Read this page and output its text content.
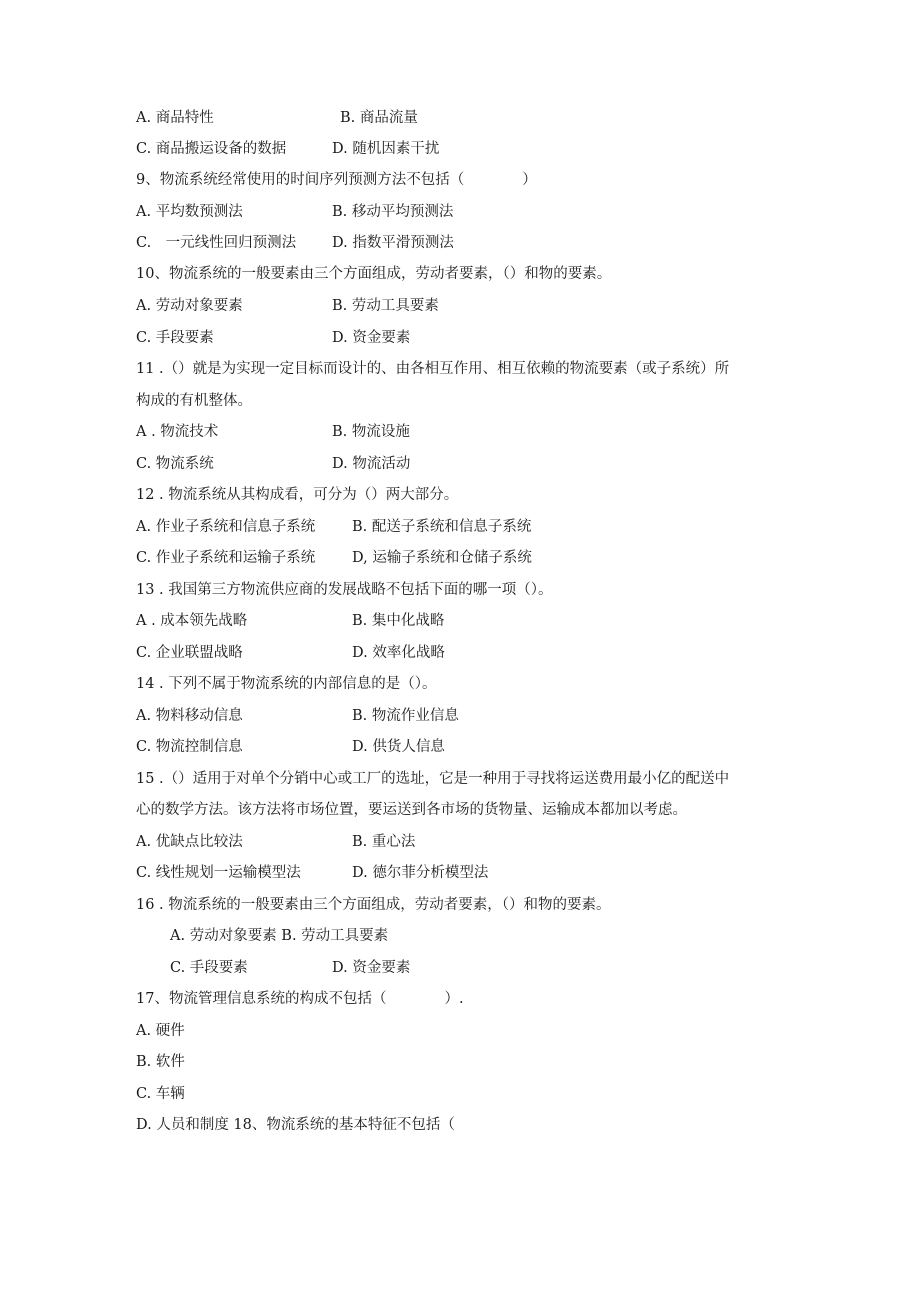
A. 商品特性	B. 商品流量
C. 商品搬运设备的数据	D. 随机因素干扰
9、物流系统经常使用的时间序列预测方法不包括（　　　　）
A. 平均数预测法	B. 移动平均预测法
C.　一元线性回归预测法 D. 指数平滑预测法
10、物流系统的一般要素由三个方面组成，劳动者要素，（）和物的要素。
A. 劳动对象要素	B. 劳动工具要素
C. 手段要素	D. 资金要素
11 .（）就是为实现一定目标而设计的、由各相互作用、相互依赖的物流要素（或子系统）所
构成的有机整体。
A . 物流技术	B. 物流设施
C. 物流系统	D. 物流活动
12 . 物流系统从其构成看，可分为（）两大部分。
A. 作业子系统和信息子系统	B. 配送子系统和信息子系统
C. 作业子系统和运输子系统	D, 运输子系统和仓储子系统
13 . 我国第三方物流供应商的发展战略不包括下面的哪一项（）。
A . 成本领先战略	B. 集中化战略
C. 企业联盟战略	D. 效率化战略
14 . 下列不属于物流系统的内部信息的是（）。
A. 物料移动信息	B. 物流作业信息
C. 物流控制信息	D. 供货人信息
15 .（）适用于对单个分销中心或工厂的选址，它是一种用于寻找将运送费用最小亿的配送中
心的数学方法。该方法将市场位置，要运送到各市场的货物量、运输成本都加以考虑。
A. 优缺点比较法	B. 重心法
C. 线性规划一运输模型法	D. 德尔菲分析模型法
16 . 物流系统的一般要素由三个方面组成，劳动者要素，（）和物的要素。
A. 劳动对象要素 B. 劳动工具要素
C. 手段要素	D. 资金要素
17、物流管理信息系统的构成不包括（　　　　）.
A. 硬件
B. 软件
C. 车辆
D. 人员和制度 18、物流系统的基本特征不包括（
